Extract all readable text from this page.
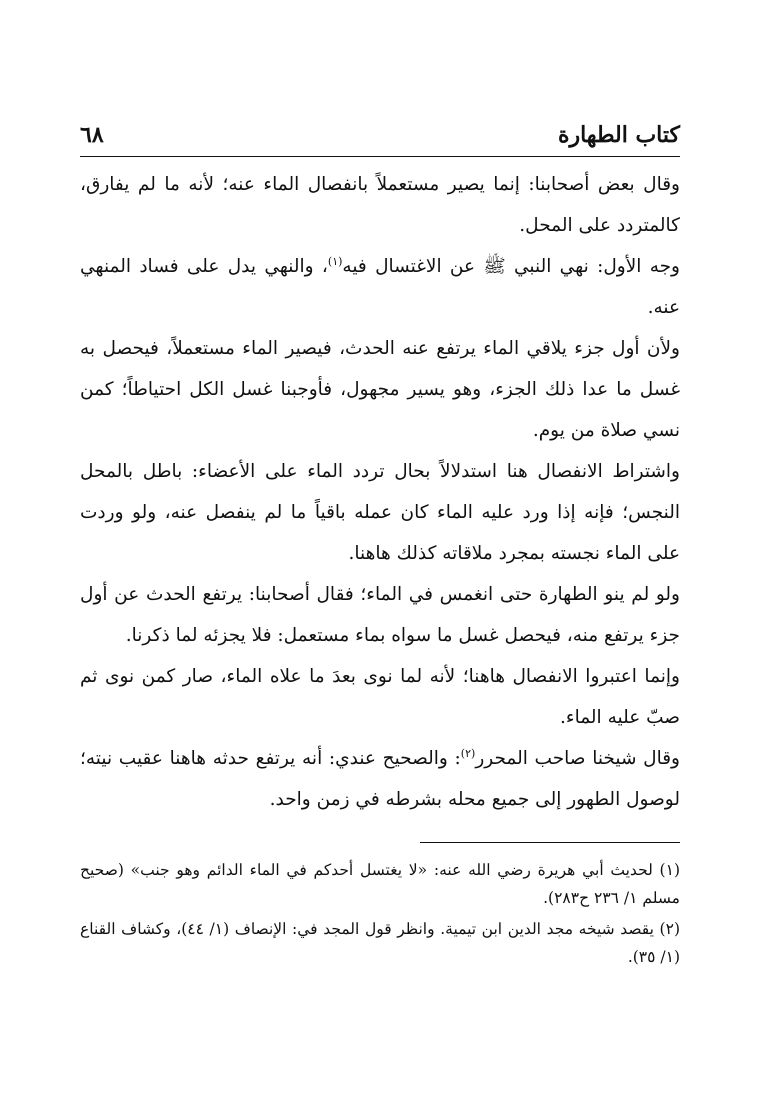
كتاب الطهارة
٦٨

وقال بعض أصحابنا: إنما يصير مستعملاً بانفصال الماء عنه؛ لأنه ما لم يفارق، كالمتردد على المحل.

وجه الأول: نهي النبي ﷺ عن الاغتسال فيه$^{(١)}$، والنهي يدل على فساد المنهي عنه.

ولأن أول جزء يلاقي الماء يرتفع عنه الحدث، فيصير الماء مستعملاً، فيحصل به غسل ما عدا ذلك الجزء، وهو يسير مجهول، فأوجبنا غسل الكل احتياطاً؛ كمن نسي صلاة من يوم.

واشتراط الانفصال هنا استدلالاً بحال تردد الماء على الأعضاء: باطل بالمحل النجس؛ فإنه إذا ورد عليه الماء كان عمله باقياً ما لم ينفصل عنه، ولو وردت على الماء نجسته بمجرد ملاقاته كذلك هاهنا.

ولو لم ينو الطهارة حتى انغمس في الماء؛ فقال أصحابنا: يرتفع الحدث عن أول جزء يرتفع منه، فيحصل غسل ما سواه بماء مستعمل: فلا يجزئه لما ذكرنا.

وإنما اعتبروا الانفصال هاهنا؛ لأنه لما نوى بعدَ ما علاه الماء، صار كمن نوى ثم صبّ عليه الماء.

وقال شيخنا صاحب المحرر$^{(٢)}$: والصحيح عندي: أنه يرتفع حدثه هاهنا عقيب نيته؛ لوصول الطهور إلى جميع محله بشرطه في زمن واحد.

(١) لحديث أبي هريرة رضي الله عنه: «لا يغتسل أحدكم في الماء الدائم وهو جنب» (صحيح مسلم ١/ ٢٣٦ ح٢٨٣).

(٢) يقصد شيخه مجد الدين ابن تيمية. وانظر قول المجد في: الإنصاف (١/ ٤٤)، وكشاف القناع (١/ ٣٥).
